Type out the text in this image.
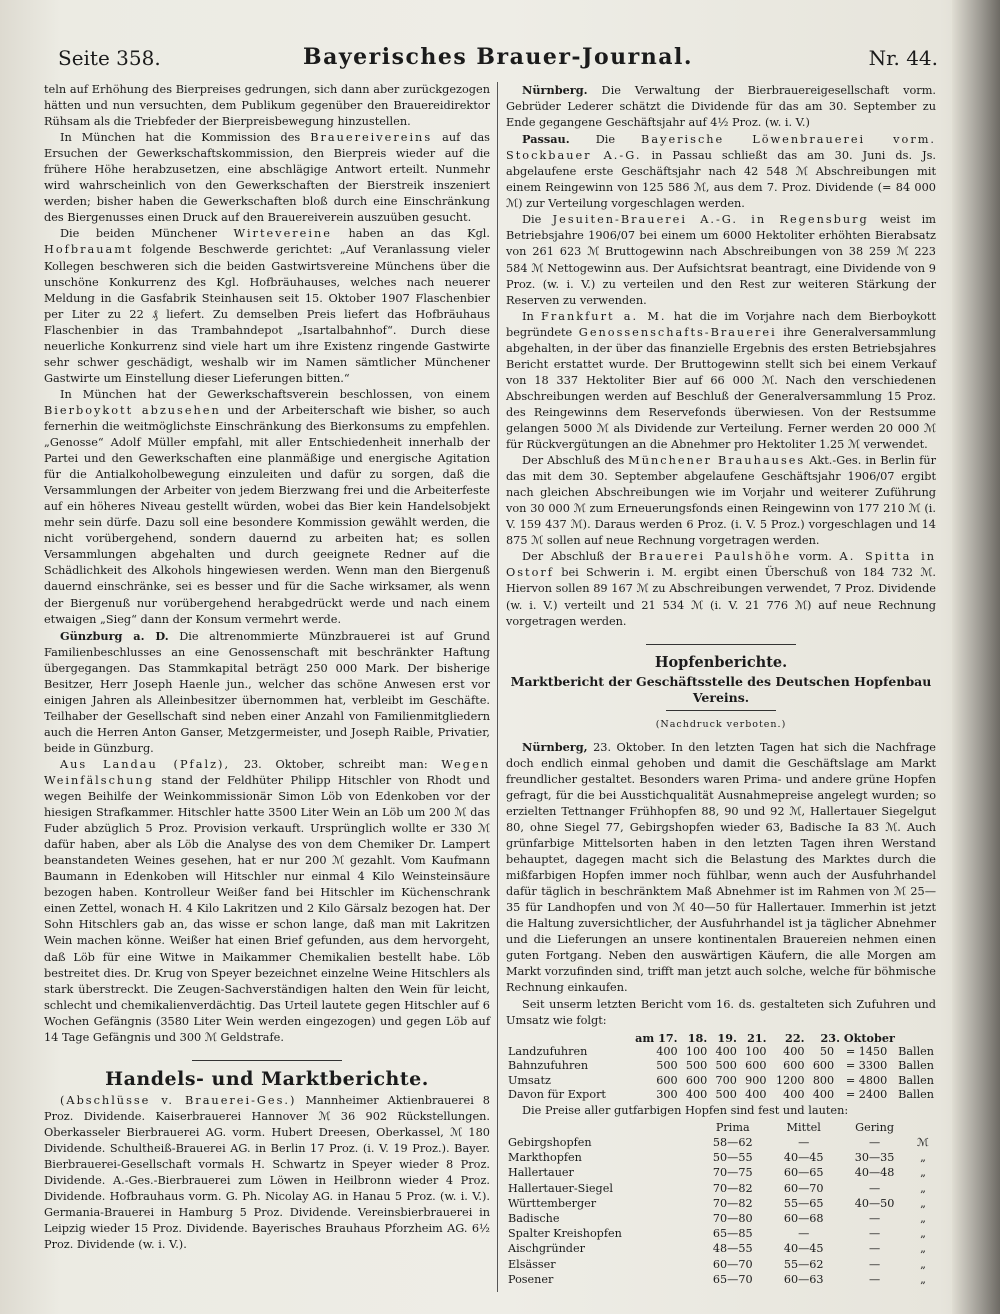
Seite 358.	Bayerisches Brauer-Journal.	Nr. 44.

teln auf Erhöhung des Bierpreises gedrungen, sich dann aber zurückgezogen hätten und nun versuchten, dem Publikum gegenüber den Brauereidirektor Rühsam als die Triebfeder der Bierpreisbewegung hinzustellen.

In München hat die Kommission des Brauereivereins auf das Ersuchen der Gewerkschaftskommission, den Bierpreis wieder auf die frühere Höhe herabzusetzen, eine abschlägige Antwort erteilt. Nunmehr wird wahrscheinlich von den Gewerkschaften der Bierstreik inszeniert werden; bisher haben die Gewerkschaften bloß durch eine Einschränkung des Biergenusses einen Druck auf den Brauereiverein auszuüben gesucht.

Die beiden Münchener Wirtevereine haben an das Kgl. Hofbrauamt folgende Beschwerde gerichtet: „Auf Veranlassung vieler Kollegen beschweren sich die beiden Gastwirtsvereine Münchens über die unschöne Konkurrenz des Kgl. Hofbräuhauses, welches nach neuerer Meldung in die Gasfabrik Steinhausen seit 15. Oktober 1907 Flaschenbier per Liter zu 22 ₰ liefert. Zu demselben Preis liefert das Hofbräuhaus Flaschenbier in das Trambahndepot „Isartalbahnhof“. Durch diese neuerliche Konkurrenz sind viele hart um ihre Existenz ringende Gastwirte sehr schwer geschädigt, weshalb wir im Namen sämtlicher Münchener Gastwirte um Einstellung dieser Lieferungen bitten.“

In München hat der Gewerkschaftsverein beschlossen, von einem Bierboykott abzusehen und der Arbeiterschaft wie bisher, so auch fernerhin die weitmöglichste Einschränkung des Bierkonsums zu empfehlen. „Genosse“ Adolf Müller empfahl, mit aller Entschiedenheit innerhalb der Partei und den Gewerkschaften eine planmäßige und energische Agitation für die Antialkoholbewegung einzuleiten und dafür zu sorgen, daß die Versammlungen der Arbeiter von jedem Bierzwang frei und die Arbeiterfeste auf ein höheres Niveau gestellt würden, wobei das Bier kein Handelsobjekt mehr sein dürfe. Dazu soll eine besondere Kommission gewählt werden, die nicht vorübergehend, sondern dauernd zu arbeiten hat; es sollen Versammlungen abgehalten und durch geeignete Redner auf die Schädlichkeit des Alkohols hingewiesen werden. Wenn man den Biergenuß dauernd einschränke, sei es besser und für die Sache wirksamer, als wenn der Biergenuß nur vorübergehend herabgedrückt werde und nach einem etwaigen „Sieg“ dann der Konsum vermehrt werde.

Günzburg a. D. Die altrenommierte Münzbrauerei ist auf Grund Familienbeschlusses an eine Genossenschaft mit beschränkter Haftung übergegangen. Das Stammkapital beträgt 250 000 Mark. Der bisherige Besitzer, Herr Joseph Haenle jun., welcher das schöne Anwesen erst vor einigen Jahren als Alleinbesitzer übernommen hat, verbleibt im Geschäfte. Teilhaber der Gesellschaft sind neben einer Anzahl von Familienmitgliedern auch die Herren Anton Ganser, Metzgermeister, und Joseph Raible, Privatier, beide in Günzburg.

Aus Landau (Pfalz), 23. Oktober, schreibt man: Wegen Weinfälschung stand der Feldhüter Philipp Hitschler von Rhodt und wegen Beihilfe der Weinkommissionär Simon Löb von Edenkoben vor der hiesigen Strafkammer. Hitschler hatte 3500 Liter Wein an Löb um 200 ℳ das Fuder abzüglich 5 Proz. Provision verkauft. Ursprünglich wollte er 330 ℳ dafür haben, aber als Löb die Analyse des von dem Chemiker Dr. Lampert beanstandeten Weines gesehen, hat er nur 200 ℳ gezahlt. Vom Kaufmann Baumann in Edenkoben will Hitschler nur einmal 4 Kilo Weinsteinsäure bezogen haben. Kontrolleur Weißer fand bei Hitschler im Küchenschrank einen Zettel, wonach H. 4 Kilo Lakritzen und 2 Kilo Gärsalz bezogen hat. Der Sohn Hitschlers gab an, das wisse er schon lange, daß man mit Lakritzen Wein machen könne. Weißer hat einen Brief gefunden, aus dem hervorgeht, daß Löb für eine Witwe in Maikammer Chemikalien bestellt habe. Löb bestreitet dies. Dr. Krug von Speyer bezeichnet einzelne Weine Hitschlers als stark überstreckt. Die Zeugen-Sachverständigen halten den Wein für leicht, schlecht und chemikalienverdächtig. Das Urteil lautete gegen Hitschler auf 6 Wochen Gefängnis (3580 Liter Wein werden eingezogen) und gegen Löb auf 14 Tage Gefängnis und 300 ℳ Geldstrafe.

Handels- und Marktberichte.

(Abschlüsse v. Brauerei-Ges.) Mannheimer Aktienbrauerei 8 Proz. Dividende. Kaiserbrauerei Hannover ℳ 36 902 Rückstellungen. Oberkasseler Bierbrauerei AG. vorm. Hubert Dreesen, Oberkassel, ℳ 180 Dividende. Schultheiß-Brauerei AG. in Berlin 17 Proz. (i. V. 19 Proz.). Bayer. Bierbrauerei-Gesellschaft vormals H. Schwartz in Speyer wieder 8 Proz. Dividende. A.-Ges.-Bierbrauerei zum Löwen in Heilbronn wieder 4 Proz. Dividende. Hofbrauhaus vorm. G. Ph. Nicolay AG. in Hanau 5 Proz. (w. i. V.). Germania-Brauerei in Hamburg 5 Proz. Dividende. Vereinsbierbrauerei in Leipzig wieder 15 Proz. Dividende. Bayerisches Brauhaus Pforzheim AG. 6½ Proz. Dividende (w. i. V.).

Nürnberg. Die Verwaltung der Bierbrauereigesellschaft vorm. Gebrüder Lederer schätzt die Dividende für das am 30. September zu Ende gegangene Geschäftsjahr auf 4½ Proz. (w. i. V.)

Passau. Die Bayerische Löwenbrauerei vorm. Stockbauer A.-G. in Passau schließt das am 30. Juni ds. Js. abgelaufene erste Geschäftsjahr nach 42 548 ℳ Abschreibungen mit einem Reingewinn von 125 586 ℳ, aus dem 7. Proz. Dividende (= 84 000 ℳ) zur Verteilung vorgeschlagen werden.

Die Jesuiten-Brauerei A.-G. in Regensburg weist im Betriebsjahre 1906/07 bei einem um 6000 Hektoliter erhöhten Bierabsatz von 261 623 ℳ Bruttogewinn nach Abschreibungen von 38 259 ℳ 223 584 ℳ Nettogewinn aus. Der Aufsichtsrat beantragt, eine Dividende von 9 Proz. (w. i. V.) zu verteilen und den Rest zur weiteren Stärkung der Reserven zu verwenden.

In Frankfurt a. M. hat die im Vorjahre nach dem Bierboykott begründete Genossenschafts-Brauerei ihre Generalversammlung abgehalten, in der über das finanzielle Ergebnis des ersten Betriebsjahres Bericht erstattet wurde. Der Bruttogewinn stellt sich bei einem Verkauf von 18 337 Hektoliter Bier auf 66 000 ℳ. Nach den verschiedenen Abschreibungen werden auf Beschluß der Generalversammlung 15 Proz. des Reingewinns dem Reservefonds überwiesen. Von der Restsumme gelangen 5000 ℳ als Dividende zur Verteilung. Ferner werden 20 000 ℳ für Rückvergütungen an die Abnehmer pro Hektoliter 1.25 ℳ verwendet.

Der Abschluß des Münchener Brauhauses Akt.-Ges. in Berlin für das mit dem 30. September abgelaufene Geschäftsjahr 1906/07 ergibt nach gleichen Abschreibungen wie im Vorjahr und weiterer Zuführung von 30 000 ℳ zum Erneuerungsfonds einen Reingewinn von 177 210 ℳ (i. V. 159 437 ℳ). Daraus werden 6 Proz. (i. V. 5 Proz.) vorgeschlagen und 14 875 ℳ sollen auf neue Rechnung vorgetragen werden.

Der Abschluß der Brauerei Paulshöhe vorm. A. Spitta in Ostorf bei Schwerin i. M. ergibt einen Überschuß von 184 732 ℳ. Hiervon sollen 89 167 ℳ zu Abschreibungen verwendet, 7 Proz. Dividende (w. i. V.) verteilt und 21 534 ℳ (i. V. 21 776 ℳ) auf neue Rechnung vorgetragen werden.

Hopfenberichte.
Marktbericht der Geschäftsstelle des Deutschen Hopfenbau Vereins.
(Nachdruck verboten.)

Nürnberg, 23. Oktober. In den letzten Tagen hat sich die Nachfrage doch endlich einmal gehoben und damit die Geschäftslage am Markt freundlicher gestaltet. Besonders waren Prima- und andere grüne Hopfen gefragt, für die bei Ausstichqualität Ausnahmepreise angelegt wurden; so erzielten Tettnanger Frühhopfen 88, 90 und 92 ℳ, Hallertauer Siegelgut 80, ohne Siegel 77, Gebirgshopfen wieder 63, Badische Ia 83 ℳ. Auch grünfarbige Mittelsorten haben in den letzten Tagen ihren Werstand behauptet, dagegen macht sich die Belastung des Marktes durch die mißfarbigen Hopfen immer noch fühlbar, wenn auch der Ausfuhrhandel dafür täglich in beschränktem Maß Abnehmer ist im Rahmen von ℳ 25—35 für Landhopfen und von ℳ 40—50 für Hallertauer. Immerhin ist jetzt die Haltung zuversichtlicher, der Ausfuhrhandel ist ja täglicher Abnehmer und die Lieferungen an unsere kontinentalen Brauereien nehmen einen guten Fortgang. Neben den auswärtigen Käufern, die alle Morgen am Markt vorzufinden sind, trifft man jetzt auch solche, welche für böhmische Rechnung einkaufen.

Seit unserm letzten Bericht vom 16. ds. gestalteten sich Zufuhren und Umsatz wie folgt:

	am 17.	18.	19.	21.	22.	23. Oktober		
Landzufuhren	400	100	400	100	400	50	= 1450	Ballen
Bahnzufuhren	500	500	500	600	600	600	= 3300	Ballen
Umsatz	600	600	700	900	1200	800	= 4800	Ballen
Davon für Export	300	400	500	400	400	400	= 2400	Ballen

Die Preise aller gutfarbigen Hopfen sind fest und lauten:

	Prima	Mittel	Gering	
Gebirgshopfen	58—62	—	—	ℳ
Markthopfen	50—55	40—45	30—35	„
Hallertauer	70—75	60—65	40—48	„
Hallertauer-Siegel	70—82	60—70	—	„
Württemberger	70—82	55—65	40—50	„
Badische	70—80	60—68	—	„
Spalter Kreishopfen	65—85	—	—	„
Aischgründer	48—55	40—45	—	„
Elsässer	60—70	55—62	—	„
Posener	65—70	60—63	—	„
